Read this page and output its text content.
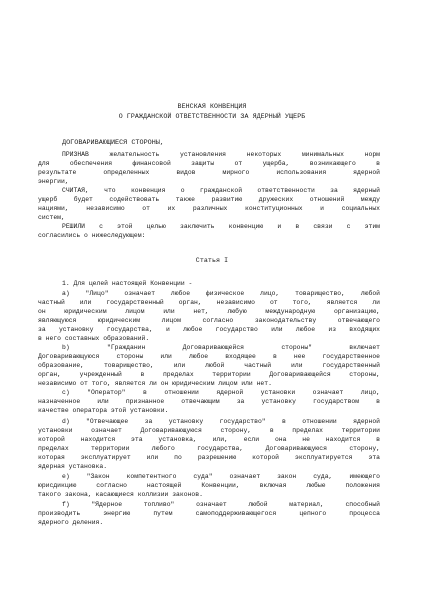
ВЕНСКАЯ КОНВЕНЦИЯ
О ГРАЖДАНСКОЙ ОТВЕТСТВЕННОСТИ ЗА ЯДЕРНЫЙ УЩЕРБ
ДОГОВАРИВАЮЩИЕСЯ СТОРОНЫ,
ПРИЗНАВ желательность установления некоторых минимальных норм
для обеспечения финансовой защиты от ущерба, возникающего в
результате определенных видов мирного использования ядерной
энергии,
СЧИТАЯ, что конвенция о гражданской ответственности за ядерный
ущерб будет содействовать также развитию дружеских отношений между
нациями, независимо от их различных конституционных и социальных
систем,
РЕШИЛИ с этой целью заключить конвенцию и в связи с этим
согласились о нижеследующем:
Статья I
1. Для целей настоящей Конвенции -
a) "Лицо" означает любое физическое лицо, товарищество, любой
частный или государственный орган, независимо от того, является ли
он юридическим лицом или нет, любую международную организацию,
являющуюся юридическим лицом согласно законодательству отвечающего
за установку государства, и любое государство или любое из входящих
в него составных образований.
b) "Гражданин Договаривающейся стороны" включает
Договаривающуюся стороны или любое входящее в нее государственное
образование, товарищество, или любой частный или государственный
орган, учрежденный в пределах территории Договаривающейся стороны,
независимо от того, является ли он юридическим лицом или нет.
c) "Оператор" в отношении ядерной установки означает лицо,
назначенное или признанное отвечающим за установку государством в
качестве оператора этой установки.
d) "Отвечающее за установку государство" в отношении ядерной
установки означает Договаривающуюся сторону, в пределах территории
которой находится эта установка, или, если она не находится в
пределах территории любого государства, Договаривающуюся сторону,
которая эксплуатирует или по разрешению которой эксплуатируется эта
ядерная установка.
e) "Закон компетентного суда" означает закон суда, имеющего
юрисдикцию согласно настоящей Конвенции, включая любые положения
такого закона, касающиеся коллизии законов.
f) "Ядерное топливо" означает любой материал, способный
производить энергию путем самоподдерживающегося цепного процесса
ядерного деления.
